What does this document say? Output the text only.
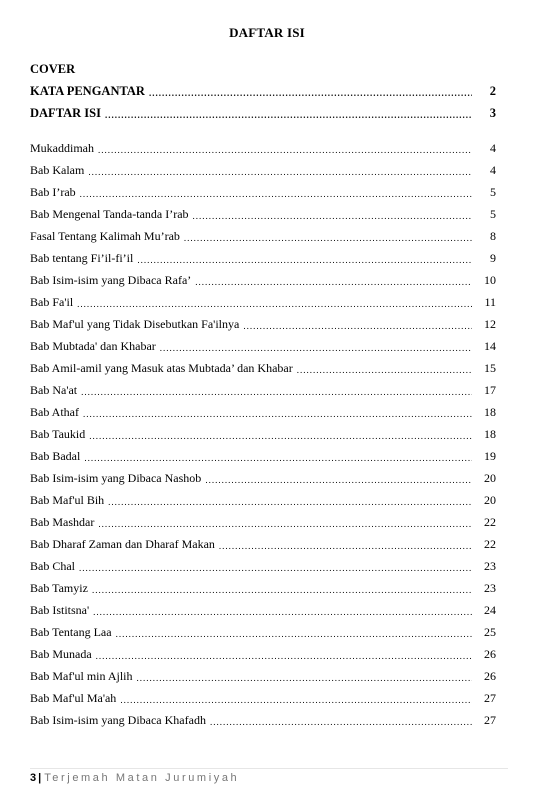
DAFTAR ISI
COVER
KATA PENGANTAR .....	2
DAFTAR ISI .....	3
Mukaddimah .....	4
Bab Kalam .....	4
Bab I’rab .....	5
Bab Mengenal Tanda-tanda I’rab .....	5
Fasal Tentang Kalimah Mu’rab .....	8
Bab tentang Fi’il-fi’il .....	9
Bab Isim-isim yang Dibaca Rafa’ .....	10
Bab Fa'il .....	11
Bab Maf'ul yang Tidak Disebutkan Fa'ilnya .....	12
Bab Mubtada' dan Khabar .....	14
Bab Amil-amil yang Masuk atas Mubtada’ dan Khabar .....	15
Bab Na'at .....	17
Bab Athaf .....	18
Bab Taukid .....	18
Bab Badal .....	19
Bab Isim-isim yang Dibaca Nashob .....	20
Bab Maf'ul Bih .....	20
Bab Mashdar .....	22
Bab Dharaf Zaman dan Dharaf Makan .....	22
Bab Chal .....	23
Bab Tamyiz .....	23
Bab Istitsna' .....	24
Bab Tentang Laa .....	25
Bab Munada .....	26
Bab Maf'ul min Ajlih .....	26
Bab Maf'ul Ma'ah .....	27
Bab Isim-isim yang Dibaca Khafadh .....	27
3 | Terjemah Matan Jurumiyah
